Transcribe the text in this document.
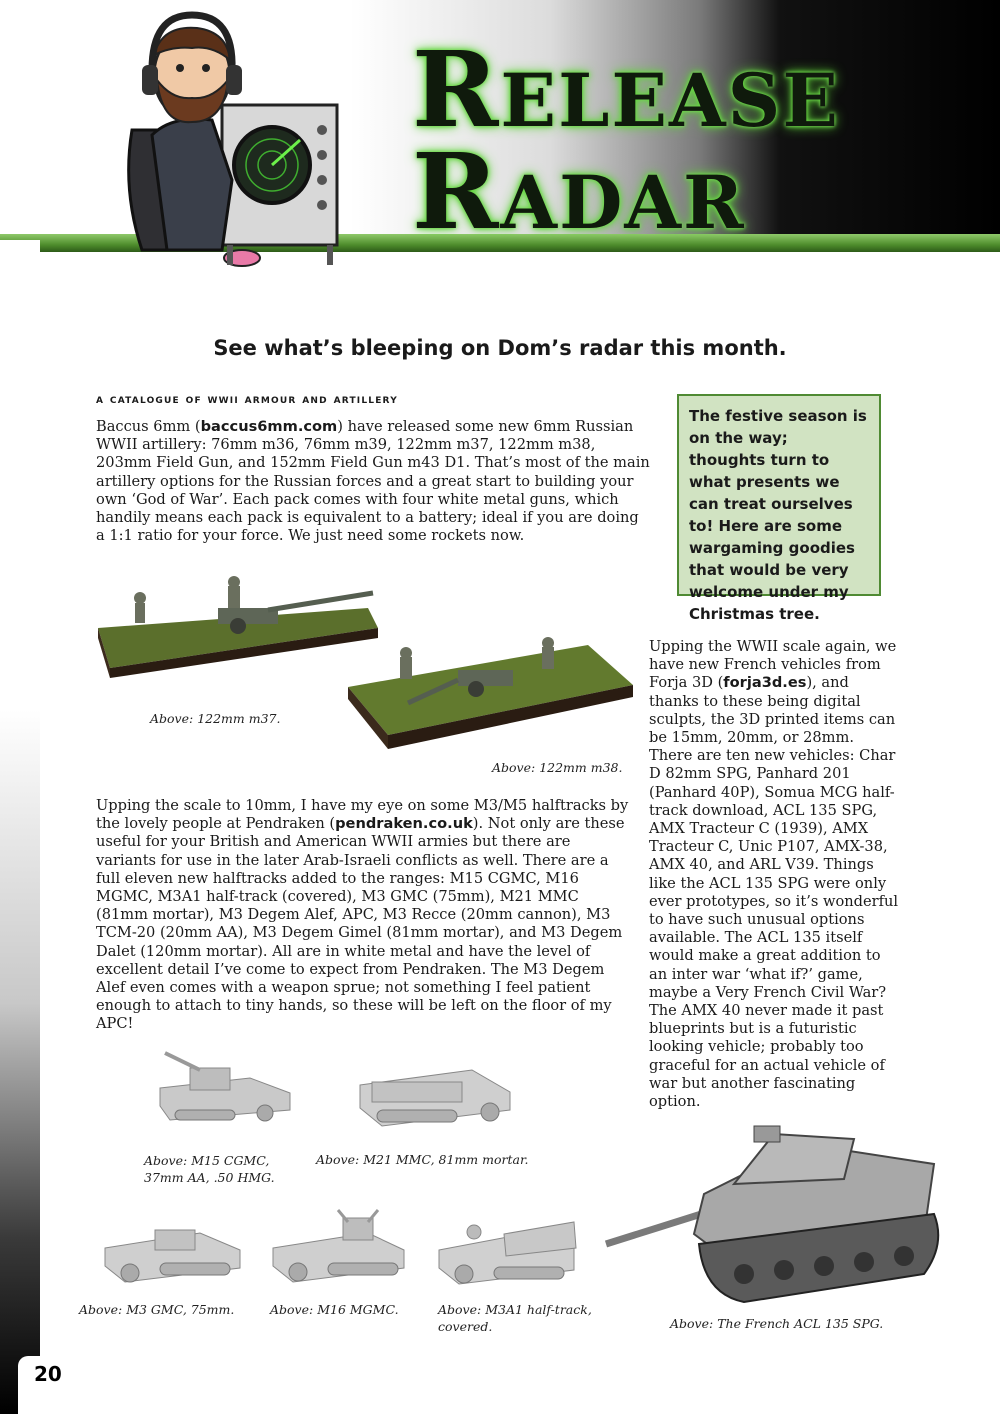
Release
Radar
See what’s bleeping on Dom’s radar this month.
a catalogue of wwii armour and artillery
Baccus 6mm (baccus6mm.com) have released some new 6mm Russian WWII artillery: 76mm m36, 76mm m39, 122mm m37, 122mm m38, 203mm Field Gun, and 152mm Field Gun m43 D1. That’s most of the main artillery options for the Russian forces and a great start to building your own ‘God of War’. Each pack comes with four white metal guns, which handily means each pack is equivalent to a battery; ideal if you are doing a 1:1 ratio for your force. We just need some rockets now.
The festive season is on the way; thoughts turn to what presents we can treat ourselves to! Here are some wargaming goodies that would be very welcome under my Christmas tree.
Above: 122mm m37.
Above: 122mm m38.
Upping the WWII scale again, we have new French vehicles from Forja 3D (forja3d.es), and thanks to these being digital sculpts, the 3D printed items can be 15mm, 20mm, or 28mm. There are ten new vehicles: Char D 82mm SPG, Panhard 201 (Panhard 40P), Somua MCG half-track download, ACL 135 SPG, AMX Tracteur C (1939), AMX Tracteur C, Unic P107, AMX-38, AMX 40, and ARL V39. Things like the ACL 135 SPG were only ever prototypes, so it’s wonderful to have such unusual options available. The ACL 135 itself would make a great addition to an inter war ‘what if?’ game, maybe a Very French Civil War? The AMX 40 never made it past blueprints but is a futuristic looking vehicle; probably too graceful for an actual vehicle of war but another fascinating option.
Upping the scale to 10mm, I have my eye on some M3/M5 halftracks by the lovely people at Pendraken (pendraken.co.uk). Not only are these useful for your British and American WWII armies but there are variants for use in the later Arab-Israeli conflicts as well. There are a full eleven new halftracks added to the ranges: M15 CGMC, M16 MGMC, M3A1 half-track (covered), M3 GMC (75mm), M21 MMC (81mm mortar), M3 Degem Alef, APC, M3 Recce (20mm cannon), M3 TCM-20 (20mm AA), M3 Degem Gimel (81mm mortar), and M3 Degem Dalet (120mm mortar). All are in white metal and have the level of excellent detail I’ve come to expect from Pendraken. The M3 Degem Alef even comes with a weapon sprue; not something I feel patient enough to attach to tiny hands, so these will be left on the floor of my APC!
Above: M15 CGMC, 37mm AA, .50 HMG.
Above: M21 MMC, 81mm mortar.
Above: M3 GMC, 75mm.	Above: M16 MGMC.	Above: M3A1 half-track, covered.	Above: The French ACL 135 SPG.
20
